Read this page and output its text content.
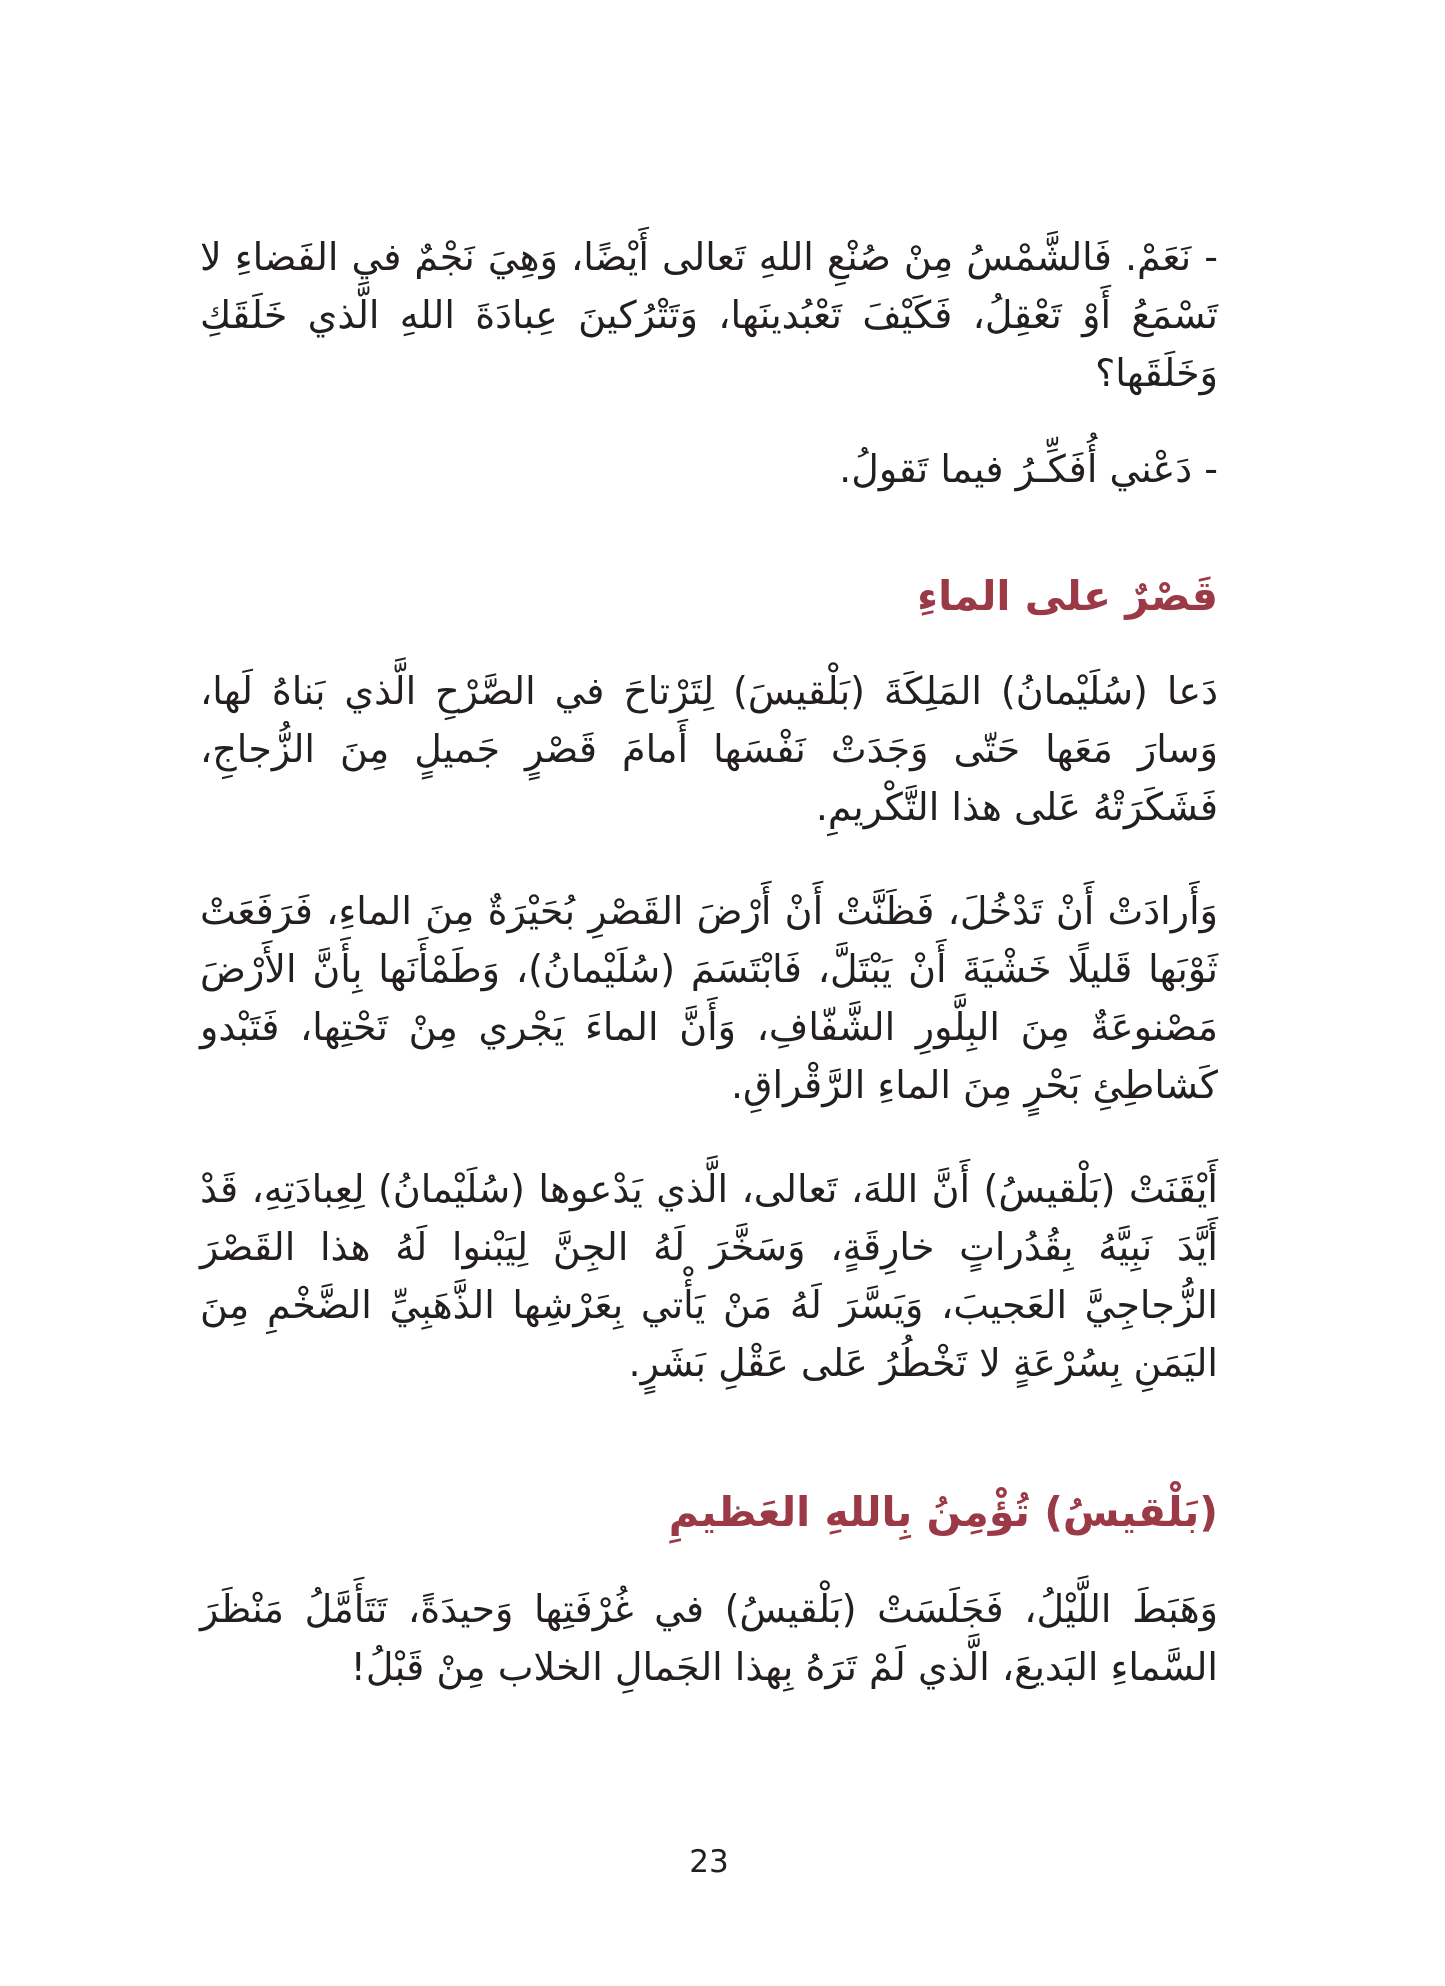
- نَعَمْ. فَالشَّمْسُ مِنْ صُنْعِ اللهِ تَعالى أَيْضًا، وَهِيَ نَجْمٌ في الفَضاءِ لا تَسْمَعُ أَوْ تَعْقِلُ، فَكَيْفَ تَعْبُدينَها، وَتَتْرُكينَ عِبادَةَ اللهِ الَّذي خَلَقَكِ وَخَلَقَها؟

- دَعْني أُفَكِّـرُ فيما تَقولُ.

قَصْرٌ على الماءِ

دَعا (سُلَيْمانُ) المَلِكَةَ (بَلْقيسَ) لِتَرْتاحَ في الصَّرْحِ الَّذي بَناهُ لَها، وَسارَ مَعَها حَتّى وَجَدَتْ نَفْسَها أَمامَ قَصْرٍ جَميلٍ مِنَ الزُّجاجِ، فَشَكَرَتْهُ عَلى هذا التَّكْريمِ.

وَأَرادَتْ أَنْ تَدْخُلَ، فَظَنَّتْ أَنْ أَرْضَ القَصْرِ بُحَيْرَةٌ مِنَ الماءِ، فَرَفَعَتْ ثَوْبَها قَليلًا خَشْيَةَ أَنْ يَبْتَلَّ، فَابْتَسَمَ (سُلَيْمانُ)، وَطَمْأَنَها بِأَنَّ الأَرْضَ مَصْنوعَةٌ مِنَ البِلَّورِ الشَّفّافِ، وَأَنَّ الماءَ يَجْري مِنْ تَحْتِها، فَتَبْدو كَشاطِئِ بَحْرٍ مِنَ الماءِ الرَّقْراقِ.

أَيْقَنَتْ (بَلْقيسُ) أَنَّ اللهَ، تَعالى، الَّذي يَدْعوها (سُلَيْمانُ) لِعِبادَتِهِ، قَدْ أَيَّدَ نَبِيَّهُ بِقُدُراتٍ خارِقَةٍ، وَسَخَّرَ لَهُ الجِنَّ لِيَبْنوا لَهُ هذا القَصْرَ الزُّجاجِيَّ العَجيبَ، وَيَسَّرَ لَهُ مَنْ يَأْتي بِعَرْشِها الذَّهَبِيِّ الضَّخْمِ مِنَ اليَمَنِ بِسُرْعَةٍ لا تَخْطُرُ عَلى عَقْلِ بَشَرٍ.

(بَلْقيسُ) تُؤْمِنُ بِاللهِ العَظيمِ

وَهَبَطَ اللَّيْلُ، فَجَلَسَتْ (بَلْقيسُ) في غُرْفَتِها وَحيدَةً، تَتَأَمَّلُ مَنْظَرَ السَّماءِ البَديعَ، الَّذي لَمْ تَرَهُ بِهذا الجَمالِ الخلاب مِنْ قَبْلُ!

23
